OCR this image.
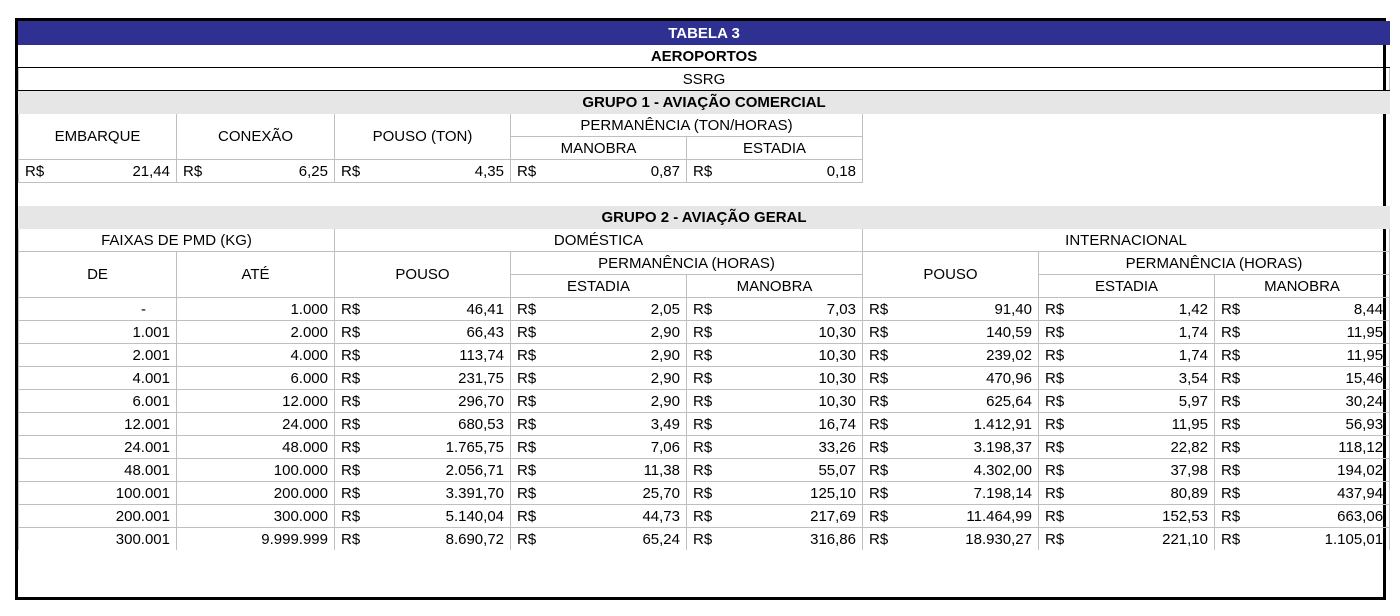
TABELA 3							
AEROPORTOS							
SSRG							
GRUPO 1 - AVIAÇÃO COMERCIAL							
EMBARQUE	CONEXÃO	POUSO (TON)	PERMANÊNCIA (TON/HORAS)				
			MANOBRA	ESTADIA			

R$ 21,44	R$ 6,25	R$ 4,35	R$ 0,87	R$ 0,18			

GRUPO 2 - AVIAÇÃO GERAL							
FAIXAS DE PMD (KG)		DOMÉSTICA			INTERNACIONAL		
DE	ATÉ	POUSO	PERMANÊNCIA (HORAS)		POUSO	PERMANÊNCIA (HORAS)	
			ESTADIA	MANOBRA		ESTADIA	MANOBRA
-	1.000	R$ 46,41	R$ 2,05	R$ 7,03	R$ 91,40	R$ 1,42	R$ 8,44

1.001	2.000	R$ 66,43	R$ 2,90	R$ 10,30	R$ 140,59	R$ 1,74	R$ 11,95

2.001	4.000	R$ 113,74	R$ 2,90	R$ 10,30	R$ 239,02	R$ 1,74	R$ 11,95

4.001	6.000	R$ 231,75	R$ 2,90	R$ 10,30	R$ 470,96	R$ 3,54	R$ 15,46

6.001	12.000	R$ 296,70	R$ 2,90	R$ 10,30	R$ 625,64	R$ 5,97	R$ 30,24

12.001	24.000	R$ 680,53	R$ 3,49	R$ 16,74	R$ 1.412,91	R$ 11,95	R$ 56,93

24.001	48.000	R$ 1.765,75	R$ 7,06	R$ 33,26	R$ 3.198,37	R$ 22,82	R$ 118,12

48.001	100.000	R$ 2.056,71	R$ 11,38	R$ 55,07	R$ 4.302,00	R$ 37,98	R$ 194,02

100.001	200.000	R$ 3.391,70	R$ 25,70	R$ 125,10	R$ 7.198,14	R$ 80,89	R$ 437,94

200.001	300.000	R$ 5.140,04	R$ 44,73	R$ 217,69	R$ 11.464,99	R$ 152,53	R$ 663,06

300.001	9.999.999	R$ 8.690,72	R$ 65,24	R$ 316,86	R$ 18.930,27	R$ 221,10	R$ 1.105,01
